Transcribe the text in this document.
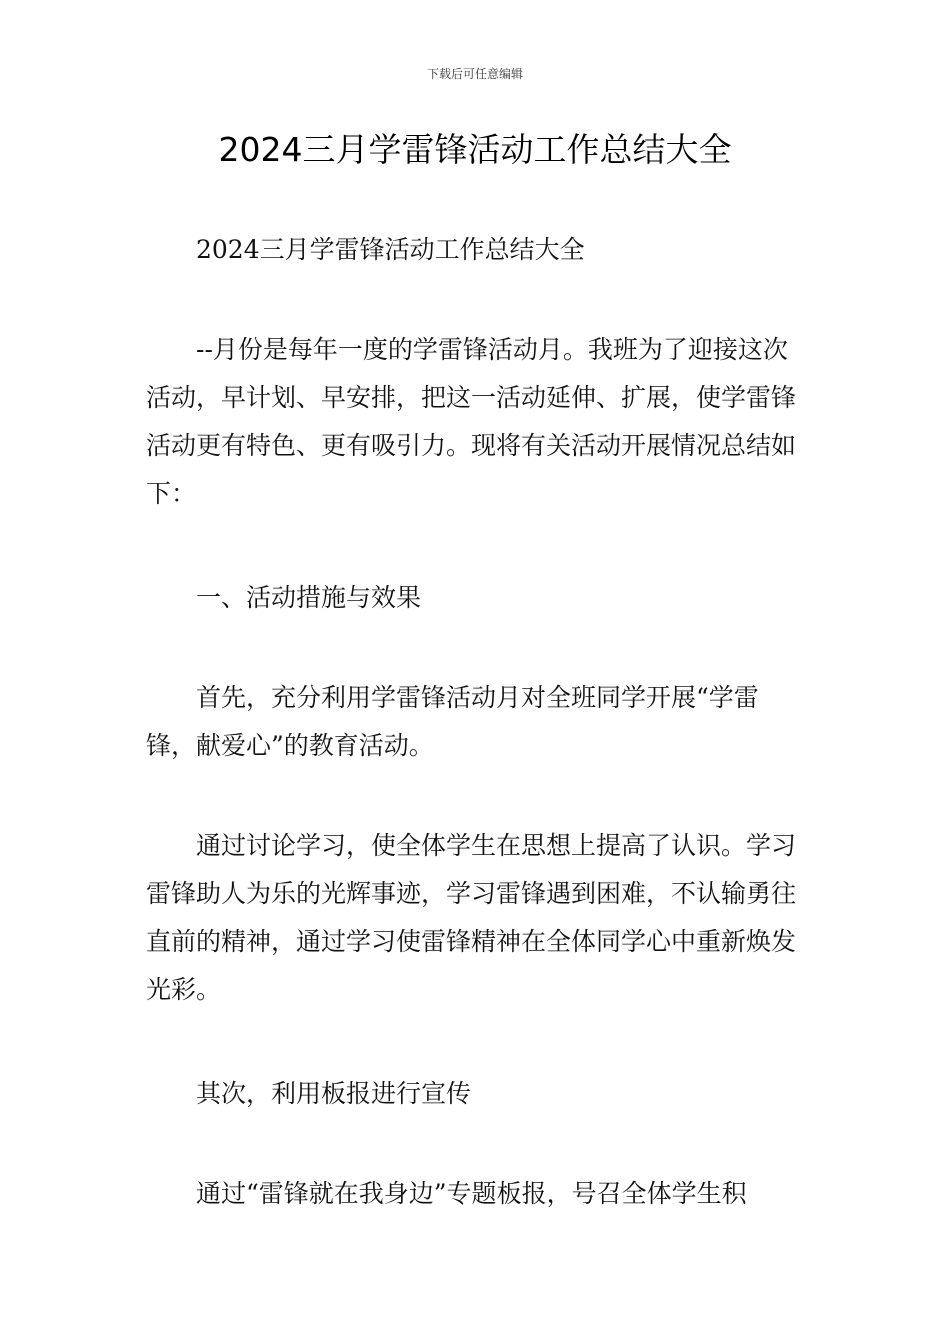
下载后可任意编辑
2024三月学雷锋活动工作总结大全

2024三月学雷锋活动工作总结大全

--月份是每年一度的学雷锋活动月。我班为了迎接这次活动，早计划、早安排，把这一活动延伸、扩展，使学雷锋活动更有特色、更有吸引力。现将有关活动开展情况总结如下：

一、活动措施与效果

首先，充分利用学雷锋活动月对全班同学开展“学雷锋，献爱心”的教育活动。

通过讨论学习，使全体学生在思想上提高了认识。学习雷锋助人为乐的光辉事迹，学习雷锋遇到困难，不认输勇往直前的精神，通过学习使雷锋精神在全体同学心中重新焕发光彩。

其次，利用板报进行宣传

通过“雷锋就在我身边”专题板报，号召全体学生积
